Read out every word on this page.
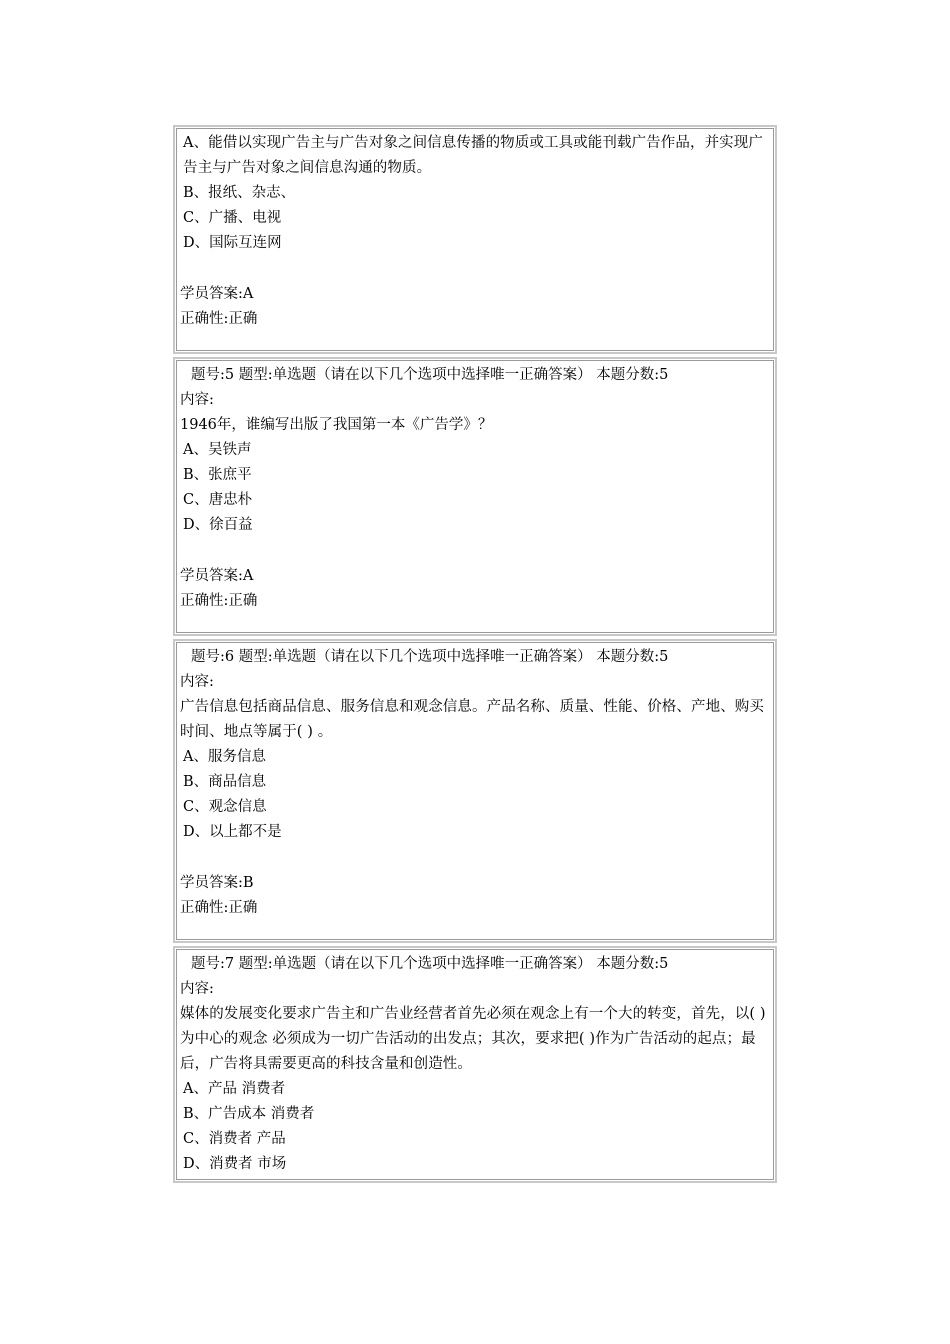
A、能借以实现广告主与广告对象之间信息传播的物质或工具或能刊载广告作品，并实现广告主与广告对象之间信息沟通的物质。
B、报纸、杂志、
C、广播、电视
D、国际互连网
学员答案:A
正确性:正确
题号:5 题型:单选题（请在以下几个选项中选择唯一正确答案） 本题分数:5
内容:
1946年，谁编写出版了我国第一本《广告学》？
A、吴铁声
B、张庶平
C、唐忠朴
D、徐百益
学员答案:A
正确性:正确
题号:6 题型:单选题（请在以下几个选项中选择唯一正确答案） 本题分数:5
内容:
广告信息包括商品信息、服务信息和观念信息。产品名称、质量、性能、价格、产地、购买时间、地点等属于( ) 。
A、服务信息
B、商品信息
C、观念信息
D、以上都不是
学员答案:B
正确性:正确
题号:7 题型:单选题（请在以下几个选项中选择唯一正确答案） 本题分数:5
内容:
媒体的发展变化要求广告主和广告业经营者首先必须在观念上有一个大的转变，首先，以( )为中心的观念 必须成为一切广告活动的出发点；其次，要求把( )作为广告活动的起点；最后，广告将具需要更高的科技含量和创造性。
A、产品 消费者
B、广告成本 消费者
C、消费者 产品
D、消费者 市场
